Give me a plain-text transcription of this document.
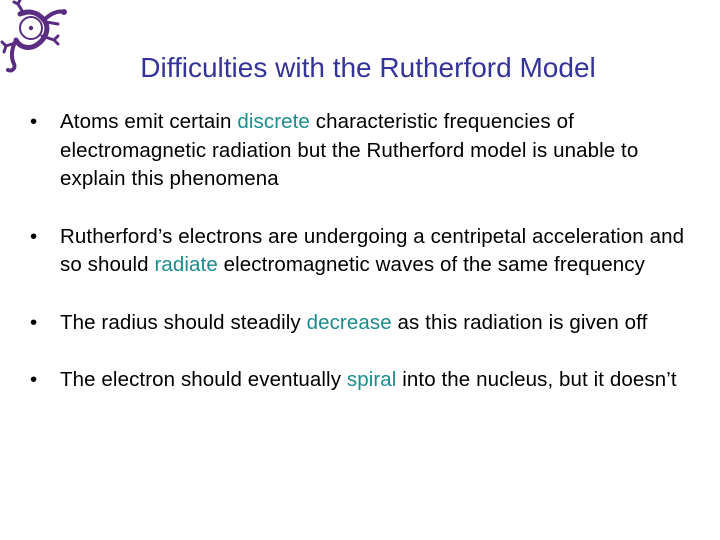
Difficulties with the Rutherford Model
• Atoms emit certain discrete characteristic frequencies of electromagnetic radiation but the Rutherford model is unable to explain this phenomena
• Rutherford’s electrons are undergoing a centripetal acceleration and so should radiate electromagnetic waves of the same frequency
• The radius should steadily decrease as this radiation is given off
• The electron should eventually spiral into the nucleus, but it doesn’t
